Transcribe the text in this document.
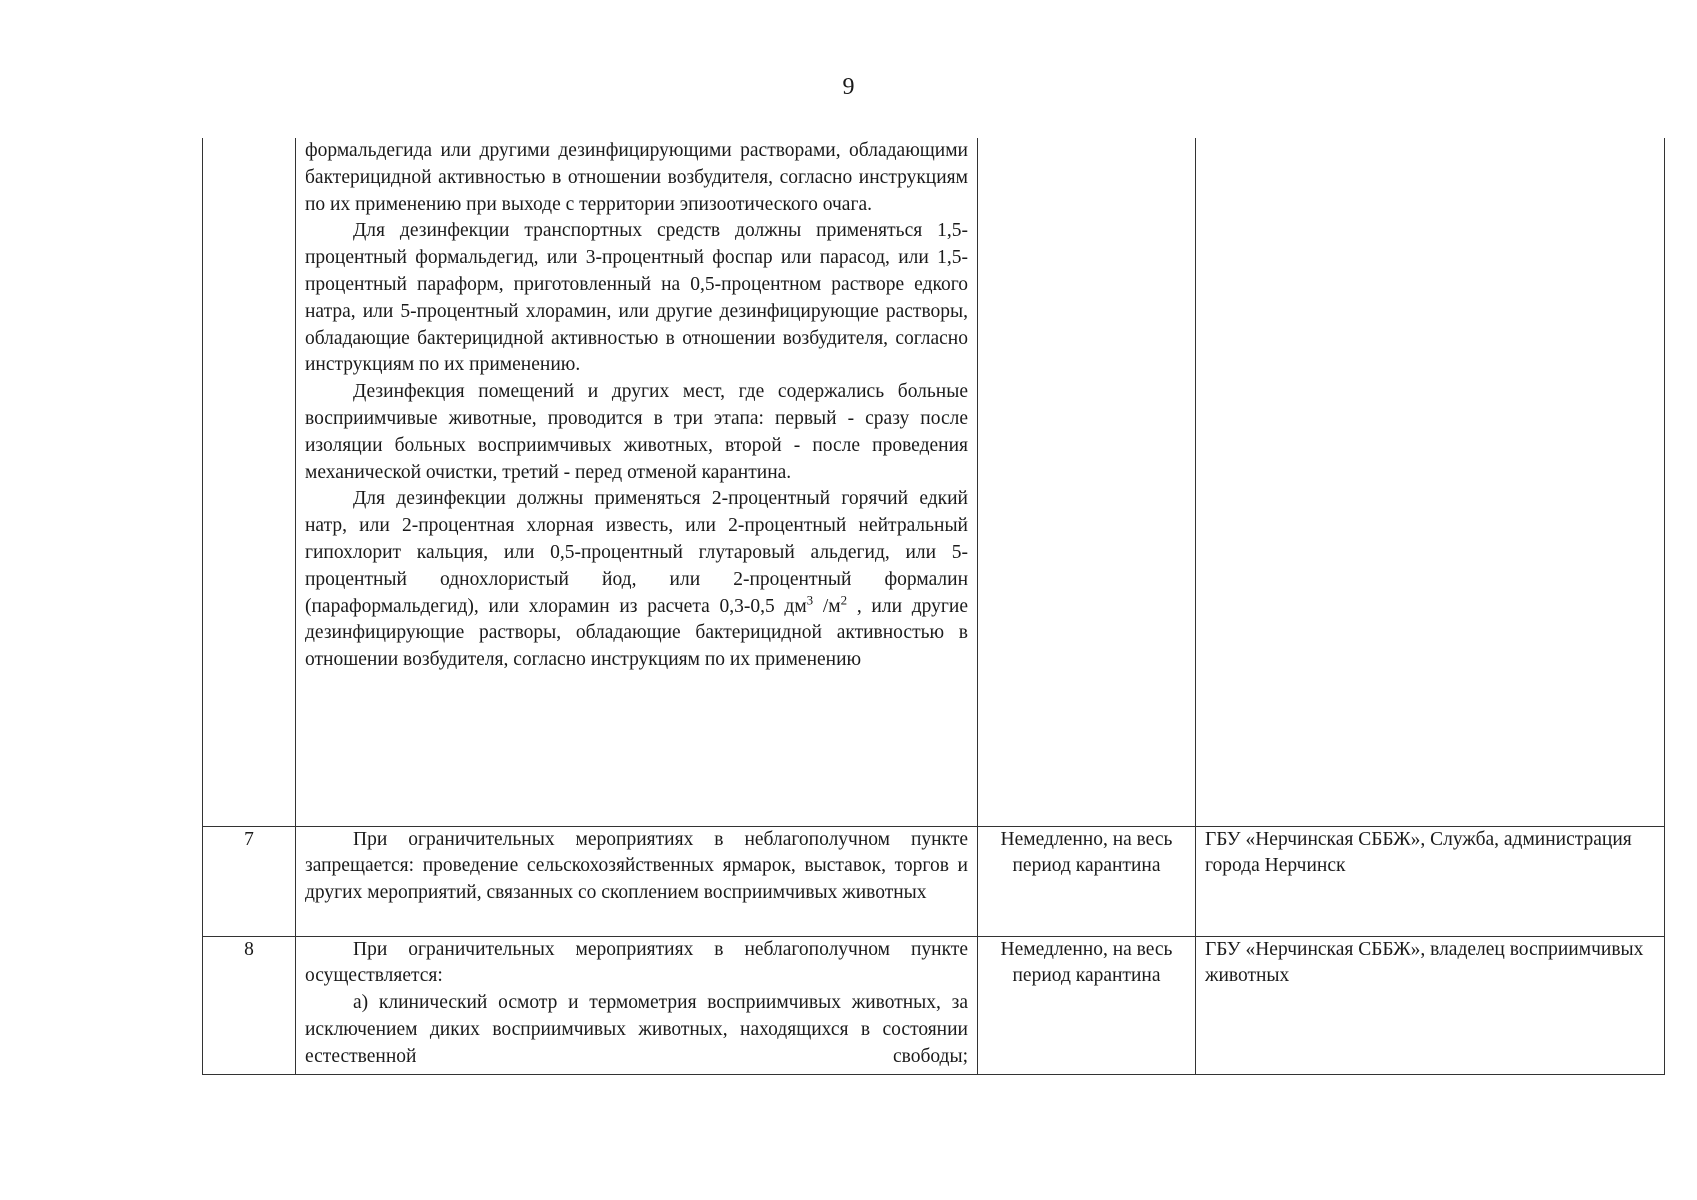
9

	формальдегида или другими дезинфицирующими растворами, обладающими бактерицидной активностью в отношении возбудителя, согласно инструкциям по их применению при выходе с территории эпизоотического очага.

Для дезинфекции транспортных средств должны применяться 1,5-процентный формальдегид, или 3-процентный фоспар или парасод, или 1,5-процентный параформ, приготовленный на 0,5-процентном растворе едкого натра, или 5-процентный хлорамин, или другие дезинфицирующие растворы, обладающие бактерицидной активностью в отношении возбудителя, согласно инструкциям по их применению.

Дезинфекция помещений и других мест, где содержались больные восприимчивые животные, проводится в три этапа: первый - сразу после изоляции больных восприимчивых животных, второй - после проведения механической очистки, третий - перед отменой карантина.

Для дезинфекции должны применяться 2-процентный горячий едкий натр, или 2-процентная хлорная известь, или 2-процентный нейтральный гипохлорит кальция, или 0,5-процентный глутаровый альдегид, или 5-процентный однохлористый йод, или 2-процентный формалин (параформальдегид), или хлорамин из расчета 0,3-0,5 $дм^3$ $/м^2$ , или другие дезинфицирующие растворы, обладающие бактерицидной активностью в отношении возбудителя, согласно инструкциям по их применению		

7	При ограничительных мероприятиях в неблагополучном пункте запрещается: проведение сельскохозяйственных ярмарок, выставок, торгов и других мероприятий, связанных со скоплением восприимчивых животных	Немедленно, на весь период карантина	ГБУ «Нерчинская СББЖ», Служба, администрация города Нерчинск

8	При ограничительных мероприятиях в неблагополучном пункте осуществляется:

а) клинический осмотр и термометрия восприимчивых животных, за исключением диких восприимчивых животных, находящихся в состоянии естественной свободы;	Немедленно, на весь период карантина	ГБУ «Нерчинская СББЖ», владелец восприимчивых животных
